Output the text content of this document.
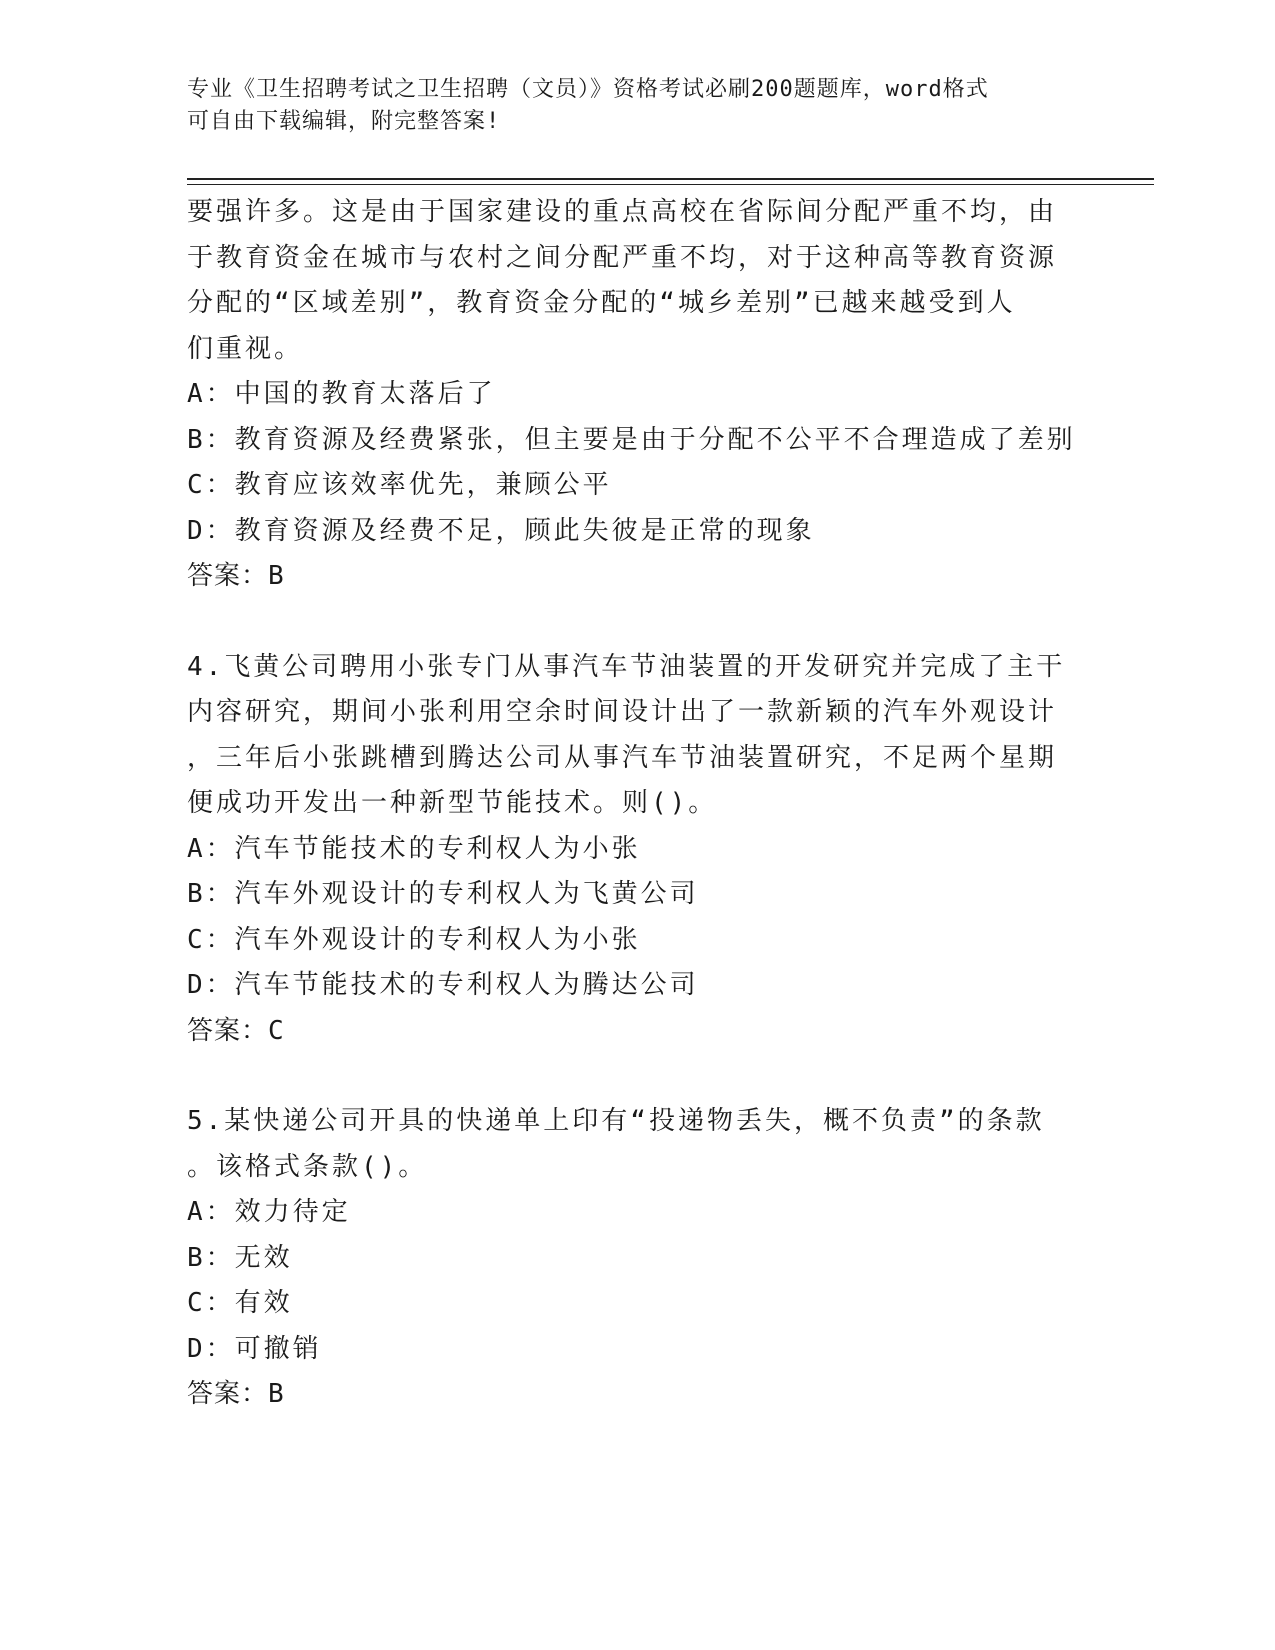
专业《卫生招聘考试之卫生招聘（文员）》资格考试必刷200题题库，word格式
可自由下载编辑，附完整答案!
要强许多。这是由于国家建设的重点高校在省际间分配严重不均，由
于教育资金在城市与农村之间分配严重不均，对于这种高等教育资源
分配的“区域差别”，教育资金分配的“城乡差别”已越来越受到人
们重视。
A：中国的教育太落后了
B：教育资源及经费紧张，但主要是由于分配不公平不合理造成了差别
C：教育应该效率优先，兼顾公平
D：教育资源及经费不足，顾此失彼是正常的现象
答案：B
4.飞黄公司聘用小张专门从事汽车节油装置的开发研究并完成了主干
内容研究，期间小张利用空余时间设计出了一款新颖的汽车外观设计
，三年后小张跳槽到腾达公司从事汽车节油装置研究，不足两个星期
便成功开发出一种新型节能技术。则()。
A：汽车节能技术的专利权人为小张
B：汽车外观设计的专利权人为飞黄公司
C：汽车外观设计的专利权人为小张
D：汽车节能技术的专利权人为腾达公司
答案：C
5.某快递公司开具的快递单上印有“投递物丢失，概不负责”的条款
。该格式条款()。
A：效力待定
B：无效
C：有效
D：可撤销
答案：B
